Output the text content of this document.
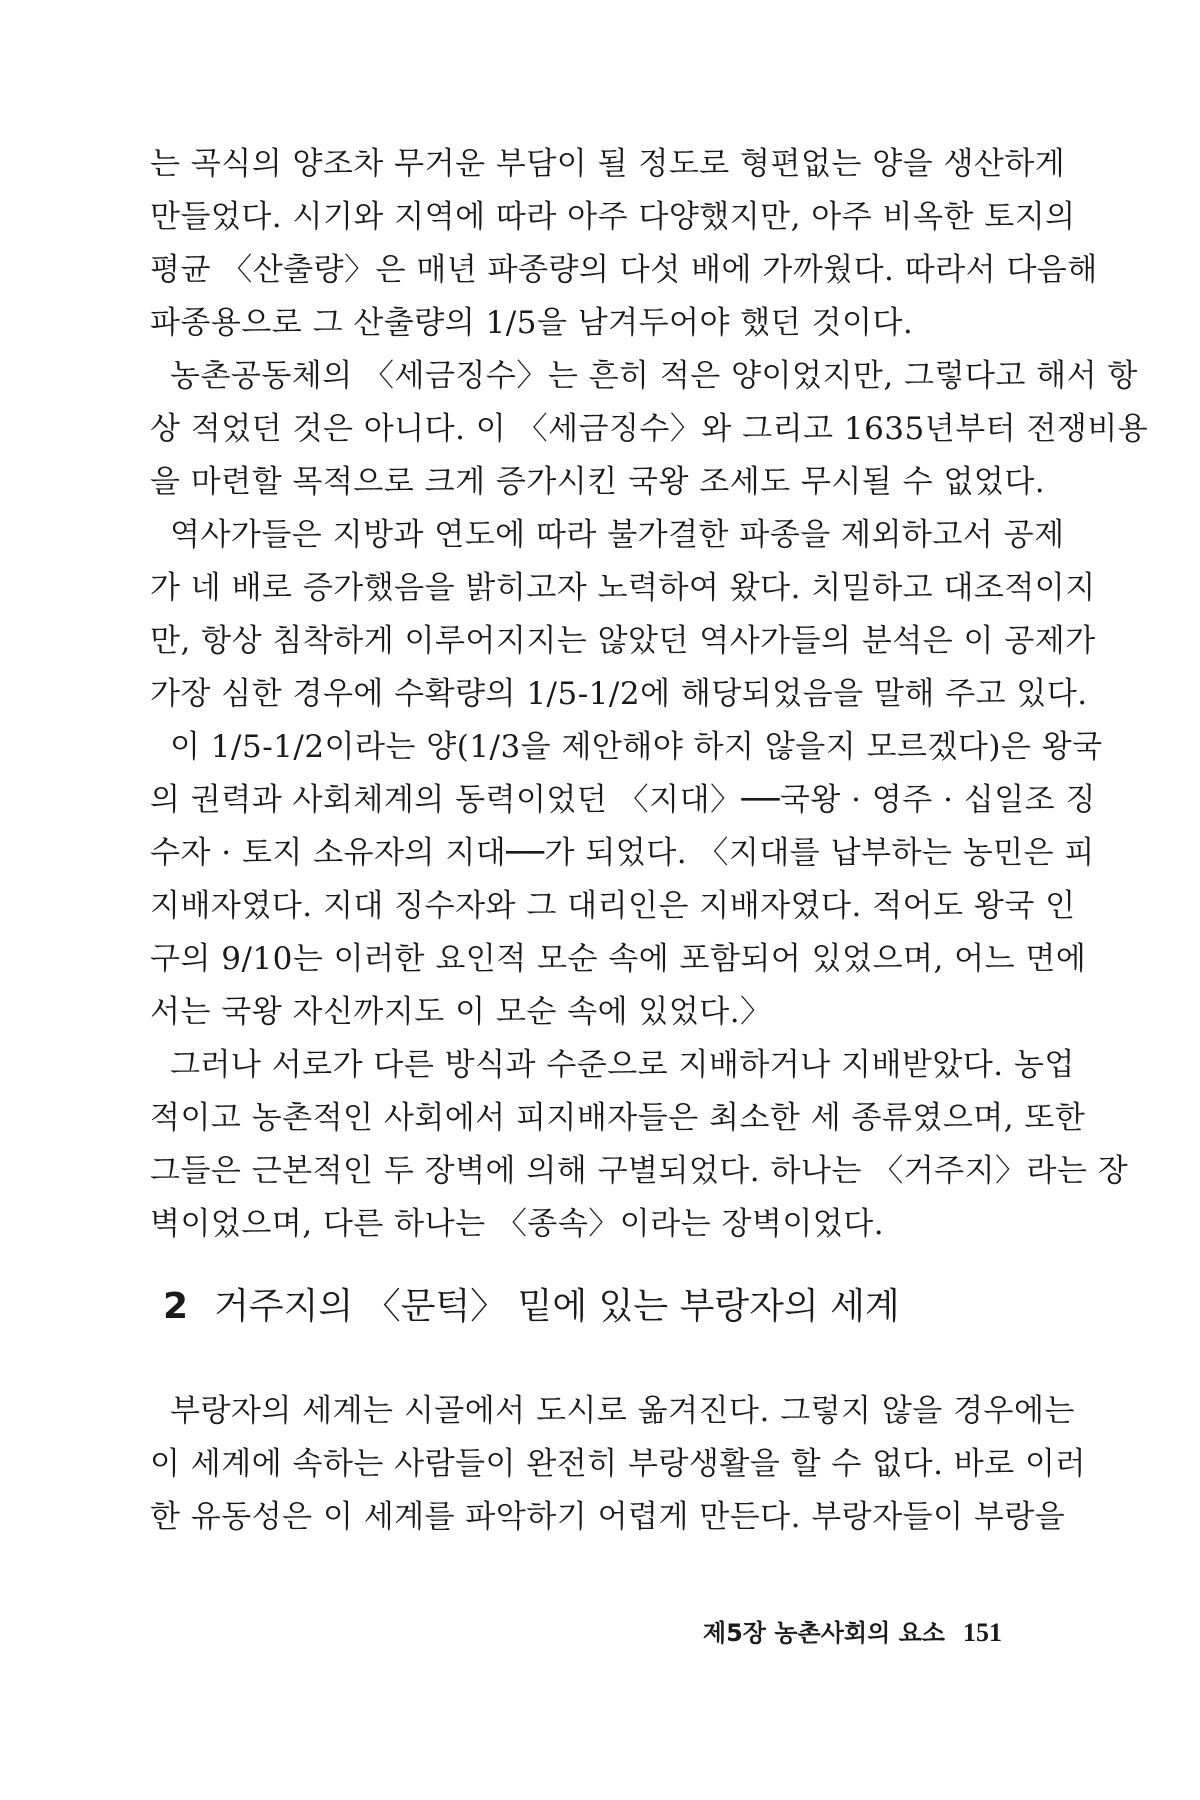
는 곡식의 양조차 무거운 부담이 될 정도로 형편없는 양을 생산하게

만들었다. 시기와 지역에 따라 아주 다양했지만, 아주 비옥한 토지의

평균 〈산출량〉은 매년 파종량의 다섯 배에 가까웠다. 따라서 다음해

파종용으로 그 산출량의 1/5을 남겨두어야 했던 것이다.

농촌공동체의 〈세금징수〉는 흔히 적은 양이었지만, 그렇다고 해서 항

상 적었던 것은 아니다. 이 〈세금징수〉와 그리고 1635년부터 전쟁비용

을 마련할 목적으로 크게 증가시킨 국왕 조세도 무시될 수 없었다.

역사가들은 지방과 연도에 따라 불가결한 파종을 제외하고서 공제

가 네 배로 증가했음을 밝히고자 노력하여 왔다. 치밀하고 대조적이지

만, 항상 침착하게 이루어지지는 않았던 역사가들의 분석은 이 공제가

가장 심한 경우에 수확량의 1/5-1/2에 해당되었음을 말해 주고 있다.

이 1/5-1/2이라는 양(1/3을 제안해야 하지 않을지 모르겠다)은 왕국

의 권력과 사회체계의 동력이었던 〈지대〉──국왕 · 영주 · 십일조 징

수자 · 토지 소유자의 지대──가 되었다. 〈지대를 납부하는 농민은 피

지배자였다. 지대 징수자와 그 대리인은 지배자였다. 적어도 왕국 인

구의 9/10는 이러한 요인적 모순 속에 포함되어 있었으며, 어느 면에

서는 국왕 자신까지도 이 모순 속에 있었다.〉

그러나 서로가 다른 방식과 수준으로 지배하거나 지배받았다. 농업

적이고 농촌적인 사회에서 피지배자들은 최소한 세 종류였으며, 또한

그들은 근본적인 두 장벽에 의해 구별되었다. 하나는 〈거주지〉라는 장

벽이었으며, 다른 하나는 〈종속〉이라는 장벽이었다.

2 거주지의 〈문턱〉 밑에 있는 부랑자의 세계

부랑자의 세계는 시골에서 도시로 옮겨진다. 그렇지 않을 경우에는

이 세계에 속하는 사람들이 완전히 부랑생활을 할 수 없다. 바로 이러

한 유동성은 이 세계를 파악하기 어렵게 만든다. 부랑자들이 부랑을

제5장 농촌사회의 요소 151
